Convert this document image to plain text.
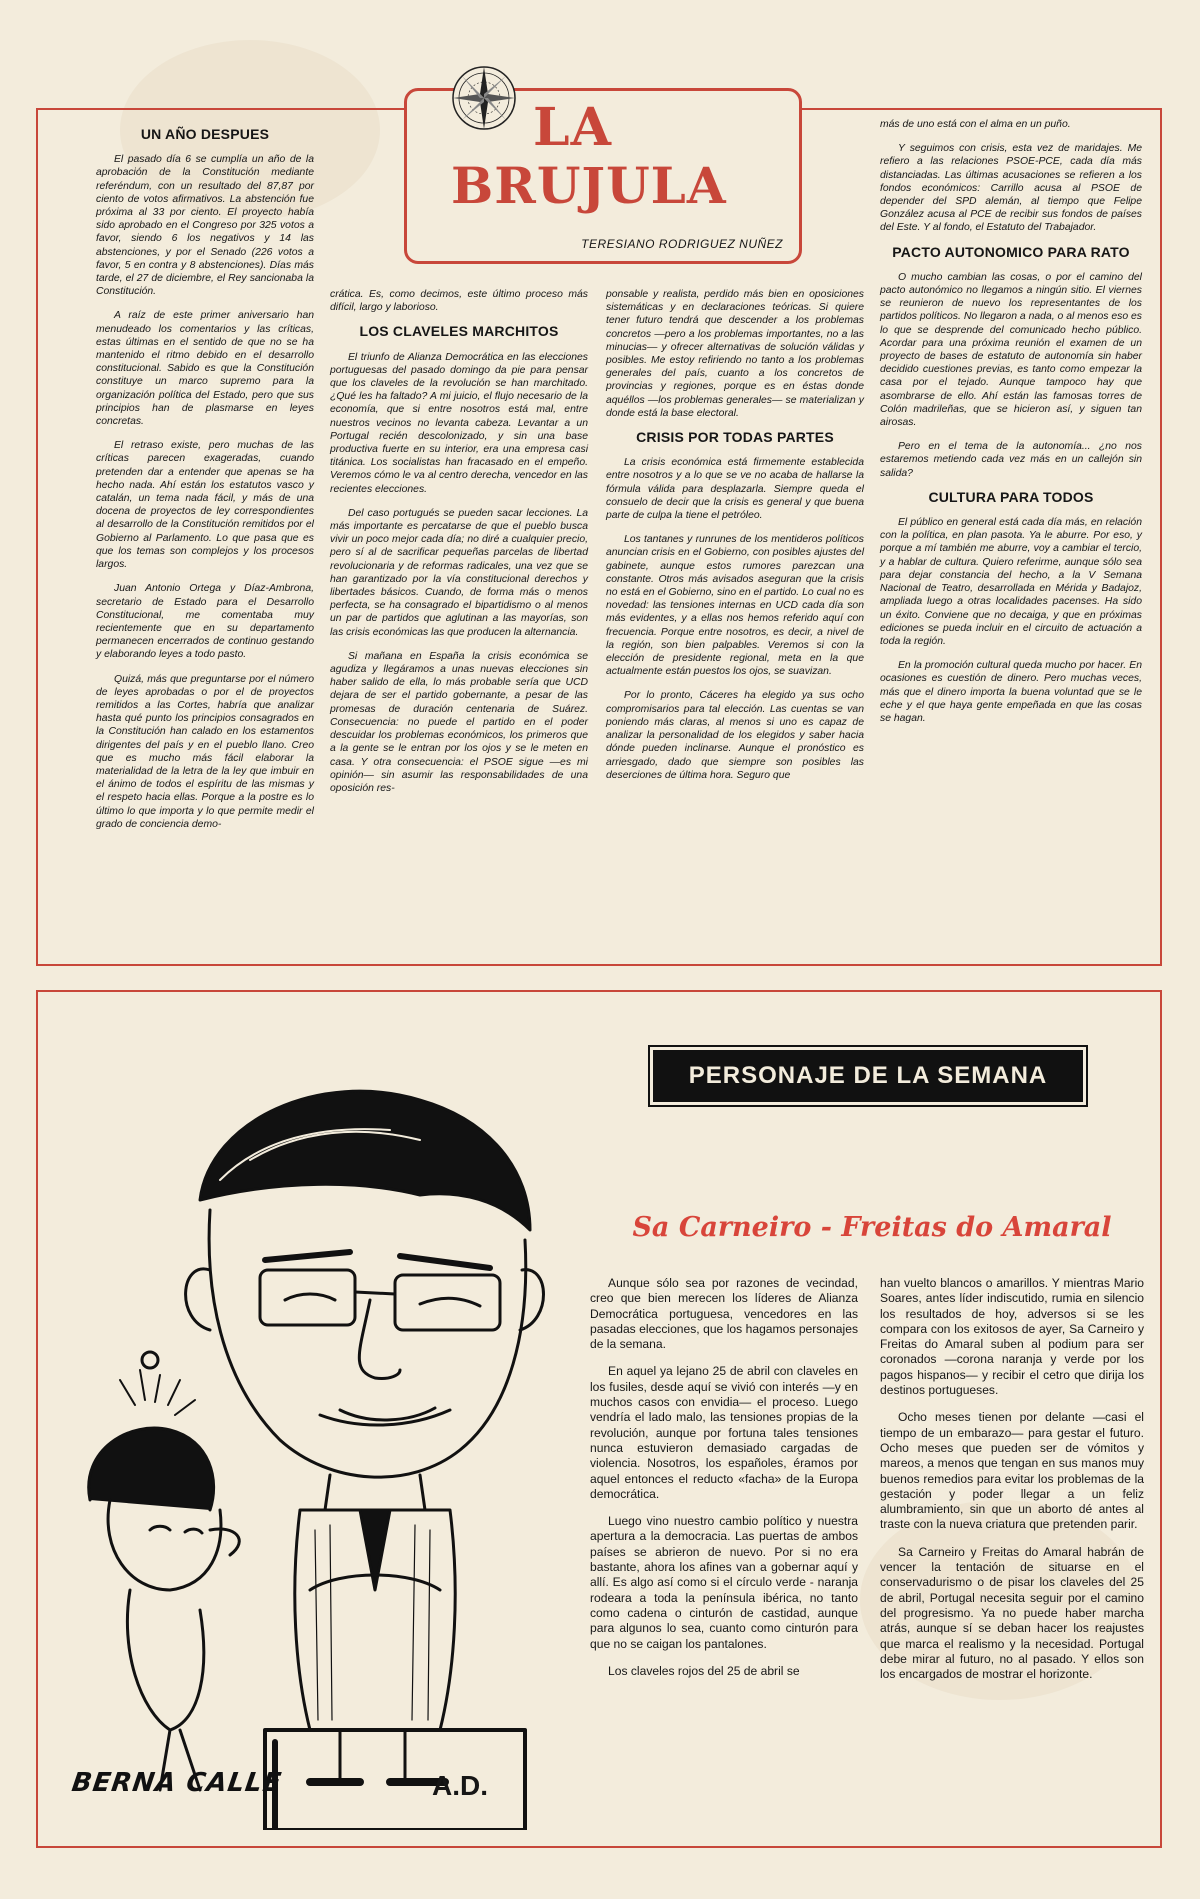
LA
BRUJULA
TERESIANO RODRIGUEZ NUÑEZ
UN AÑO DESPUES

El pasado día 6 se cumplía un año de la aprobación de la Constitución mediante referéndum, con un resultado del 87,87 por ciento de votos afirmativos. La abstención fue próxima al 33 por ciento. El proyecto había sido aprobado en el Congreso por 325 votos a favor, siendo 6 los negativos y 14 las abstenciones, y por el Senado (226 votos a favor, 5 en contra y 8 abstenciones). Días más tarde, el 27 de diciembre, el Rey sancionaba la Constitución.

A raíz de este primer aniversario han menudeado los comentarios y las críticas, estas últimas en el sentido de que no se ha mantenido el ritmo debido en el desarrollo constitucional. Sabido es que la Constitución constituye un marco supremo para la organización política del Estado, pero que sus principios han de plasmarse en leyes concretas.

El retraso existe, pero muchas de las críticas parecen exageradas, cuando pretenden dar a entender que apenas se ha hecho nada. Ahí están los estatutos vasco y catalán, un tema nada fácil, y más de una docena de proyectos de ley correspondientes al desarrollo de la Constitución remitidos por el Gobierno al Parlamento. Lo que pasa que es que los temas son complejos y los procesos largos.

Juan Antonio Ortega y Díaz-Ambrona, secretario de Estado para el Desarrollo Constitucional, me comentaba muy recientemente que en su departamento permanecen encerrados de continuo gestando y elaborando leyes a todo pasto.

Quizá, más que preguntarse por el número de leyes aprobadas o por el de proyectos remitidos a las Cortes, habría que analizar hasta qué punto los principios consagrados en la Constitución han calado en los estamentos dirigentes del país y en el pueblo llano. Creo que es mucho más fácil elaborar la materialidad de la letra de la ley que imbuir en el ánimo de todos el espíritu de las mismas y el respeto hacia ellas. Porque a la postre es lo último lo que importa y lo que permite medir el grado de conciencia demo-

crática. Es, como decimos, este último proceso más difícil, largo y laborioso.

LOS CLAVELES MARCHITOS

El triunfo de Alianza Democrática en las elecciones portuguesas del pasado domingo da pie para pensar que los claveles de la revolución se han marchitado. ¿Qué les ha faltado? A mi juicio, el flujo necesario de la economía, que si entre nosotros está mal, entre nuestros vecinos no levanta cabeza. Levantar a un Portugal recién descolonizado, y sin una base productiva fuerte en su interior, era una empresa casi titánica. Los socialistas han fracasado en el empeño. Veremos cómo le va al centro derecha, vencedor en las recientes elecciones.

Del caso portugués se pueden sacar lecciones. La más importante es percatarse de que el pueblo busca vivir un poco mejor cada día; no diré a cualquier precio, pero sí al de sacrificar pequeñas parcelas de libertad revolucionaria y de reformas radicales, una vez que se han garantizado por la vía constitucional derechos y libertades básicos. Cuando, de forma más o menos perfecta, se ha consagrado el bipartidismo o al menos un par de partidos que aglutinan a las mayorías, son las crisis económicas las que producen la alternancia.

Si mañana en España la crisis económica se agudiza y llegáramos a unas nuevas elecciones sin haber salido de ella, lo más probable sería que UCD dejara de ser el partido gobernante, a pesar de las promesas de duración centenaria de Suárez. Consecuencia: no puede el partido en el poder descuidar los problemas económicos, los primeros que a la gente se le entran por los ojos y se le meten en casa. Y otra consecuencia: el PSOE sigue —es mi opinión— sin asumir las responsabilidades de una oposición res-

ponsable y realista, perdido más bien en oposiciones sistemáticas y en declaraciones teóricas. Si quiere tener futuro tendrá que descender a los problemas concretos —pero a los problemas importantes, no a las minucias— y ofrecer alternativas de solución válidas y posibles. Me estoy refiriendo no tanto a los problemas generales del país, cuanto a los concretos de provincias y regiones, porque es en éstas donde aquéllos —los problemas generales— se materializan y donde está la base electoral.

CRISIS POR TODAS PARTES

La crisis económica está firmemente establecida entre nosotros y a lo que se ve no acaba de hallarse la fórmula válida para desplazarla. Siempre queda el consuelo de decir que la crisis es general y que buena parte de culpa la tiene el petróleo.

Los tantanes y runrunes de los mentideros políticos anuncian crisis en el Gobierno, con posibles ajustes del gabinete, aunque estos rumores parezcan una constante. Otros más avisados aseguran que la crisis no está en el Gobierno, sino en el partido. Lo cual no es novedad: las tensiones internas en UCD cada día son más evidentes, y a ellas nos hemos referido aquí con frecuencia. Porque entre nosotros, es decir, a nivel de la región, son bien palpables. Veremos si con la elección de presidente regional, meta en la que actualmente están puestos los ojos, se suavizan.

Por lo pronto, Cáceres ha elegido ya sus ocho compromisarios para tal elección. Las cuentas se van poniendo más claras, al menos si uno es capaz de analizar la personalidad de los elegidos y saber hacia dónde pueden inclinarse. Aunque el pronóstico es arriesgado, dado que siempre son posibles las deserciones de última hora. Seguro que

más de uno está con el alma en un puño.

Y seguimos con crisis, esta vez de maridajes. Me refiero a las relaciones PSOE-PCE, cada día más distanciadas. Las últimas acusaciones se refieren a los fondos económicos: Carrillo acusa al PSOE de depender del SPD alemán, al tiempo que Felipe González acusa al PCE de recibir sus fondos de países del Este. Y al fondo, el Estatuto del Trabajador.

PACTO AUTONOMICO PARA RATO

O mucho cambian las cosas, o por el camino del pacto autonómico no llegamos a ningún sitio. El viernes se reunieron de nuevo los representantes de los partidos políticos. No llegaron a nada, o al menos eso es lo que se desprende del comunicado hecho público. Acordar para una próxima reunión el examen de un proyecto de bases de estatuto de autonomía sin haber decidido cuestiones previas, es tanto como empezar la casa por el tejado. Aunque tampoco hay que asombrarse de ello. Ahí están las famosas torres de Colón madrileñas, que se hicieron así, y siguen tan airosas.

Pero en el tema de la autonomía... ¿no nos estaremos metiendo cada vez más en un callejón sin salida?

CULTURA PARA TODOS

El público en general está cada día más, en relación con la política, en plan pasota. Ya le aburre. Por eso, y porque a mí también me aburre, voy a cambiar el tercio, y a hablar de cultura. Quiero referirme, aunque sólo sea para dejar constancia del hecho, a la V Semana Nacional de Teatro, desarrollada en Mérida y Badajoz, ampliada luego a otras localidades pacenses. Ha sido un éxito. Conviene que no decaiga, y que en próximas ediciones se pueda incluir en el circuito de actuación a toda la región.

En la promoción cultural queda mucho por hacer. En ocasiones es cuestión de dinero. Pero muchas veces, más que el dinero importa la buena voluntad que se le eche y el que haya gente empeñada en que las cosas se hagan.

PERSONAJE DE LA SEMANA
Sa Carneiro - Freitas do Amaral
BERNA CALLE	A.D.

Aunque sólo sea por razones de vecindad, creo que bien merecen los líderes de Alianza Democrática portuguesa, vencedores en las pasadas elecciones, que los hagamos personajes de la semana.

En aquel ya lejano 25 de abril con claveles en los fusiles, desde aquí se vivió con interés —y en muchos casos con envidia— el proceso. Luego vendría el lado malo, las tensiones propias de la revolución, aunque por fortuna tales tensiones nunca estuvieron demasiado cargadas de violencia. Nosotros, los españoles, éramos por aquel entonces el reducto «facha» de la Europa democrática.

Luego vino nuestro cambio político y nuestra apertura a la democracia. Las puertas de ambos países se abrieron de nuevo. Por si no era bastante, ahora los afines van a gobernar aquí y allí. Es algo así como si el círculo verde - naranja rodeara a toda la península ibérica, no tanto como cadena o cinturón de castidad, aunque para algunos lo sea, cuanto como cinturón para que no se caigan los pantalones.

Los claveles rojos del 25 de abril se

han vuelto blancos o amarillos. Y mientras Mario Soares, antes líder indiscutido, rumia en silencio los resultados de hoy, adversos si se les compara con los exitosos de ayer, Sa Carneiro y Freitas do Amaral suben al podium para ser coronados —corona naranja y verde por los pagos hispanos— y recibir el cetro que dirija los destinos portugueses.

Ocho meses tienen por delante —casi el tiempo de un embarazo— para gestar el futuro. Ocho meses que pueden ser de vómitos y mareos, a menos que tengan en sus manos muy buenos remedios para evitar los problemas de la gestación y poder llegar a un feliz alumbramiento, sin que un aborto dé antes al traste con la nueva criatura que pretenden parir.

Sa Carneiro y Freitas do Amaral habrán de vencer la tentación de situarse en el conservadurismo o de pisar los claveles del 25 de abril, Portugal necesita seguir por el camino del progresismo. Ya no puede haber marcha atrás, aunque sí se deban hacer los reajustes que marca el realismo y la necesidad. Portugal debe mirar al futuro, no al pasado. Y ellos son los encargados de mostrar el horizonte.
